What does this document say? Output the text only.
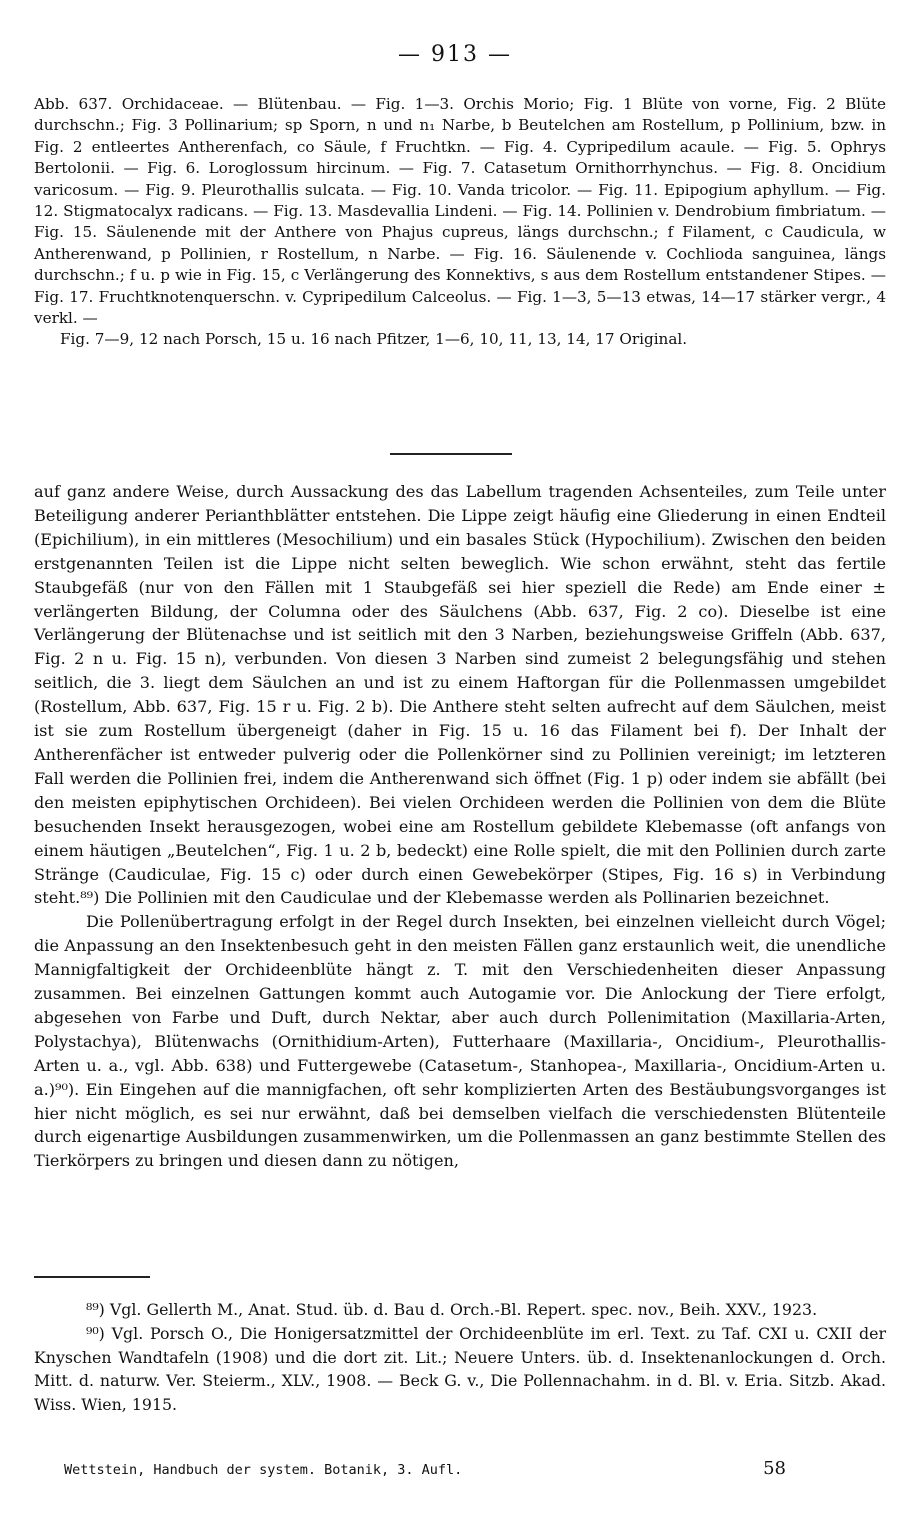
— 913 —

Abb. 637. Orchidaceae. — Blütenbau. — Fig. 1—3. Orchis Morio; Fig. 1 Blüte von vorne, Fig. 2 Blüte durchschn.; Fig. 3 Pollinarium; sp Sporn, n und n₁ Narbe, b Beutelchen am Rostellum, p Pollinium, bzw. in Fig. 2 entleertes Antherenfach, co Säule, f Fruchtkn. — Fig. 4. Cypripedilum acaule. — Fig. 5. Ophrys Bertolonii. — Fig. 6. Loroglossum hircinum. — Fig. 7. Catasetum Ornithorrhynchus. — Fig. 8. Oncidium varicosum. — Fig. 9. Pleurothallis sulcata. — Fig. 10. Vanda tricolor. — Fig. 11. Epipogium aphyllum. — Fig. 12. Stigmatocalyx radicans. — Fig. 13. Masdevallia Lindeni. — Fig. 14. Pollinien v. Dendrobium fimbriatum. — Fig. 15. Säulenende mit der Anthere von Phajus cupreus, längs durchschn.; f Filament, c Caudicula, w Antherenwand, p Pollinien, r Rostellum, n Narbe. — Fig. 16. Säulenende v. Cochlioda sanguinea, längs durchschn.; f u. p wie in Fig. 15, c Verlängerung des Konnektivs, s aus dem Rostellum entstandener Stipes. — Fig. 17. Fruchtknotenquerschn. v. Cypripedilum Calceolus. — Fig. 1—3, 5—13 etwas, 14—17 stärker vergr., 4 verkl. —

Fig. 7—9, 12 nach Porsch, 15 u. 16 nach Pfitzer, 1—6, 10, 11, 13, 14, 17 Original.

auf ganz andere Weise, durch Aussackung des das Labellum tragenden Achsenteiles, zum Teile unter Beteiligung anderer Perianthblätter entstehen. Die Lippe zeigt häufig eine Gliederung in einen Endteil (Epichilium), in ein mittleres (Mesochilium) und ein basales Stück (Hypochilium). Zwischen den beiden erstgenannten Teilen ist die Lippe nicht selten beweglich. Wie schon erwähnt, steht das fertile Staubgefäß (nur von den Fällen mit 1 Staubgefäß sei hier speziell die Rede) am Ende einer ± verlängerten Bildung, der Columna oder des Säulchens (Abb. 637, Fig. 2 co). Dieselbe ist eine Verlängerung der Blütenachse und ist seitlich mit den 3 Narben, beziehungsweise Griffeln (Abb. 637, Fig. 2 n u. Fig. 15 n), verbunden. Von diesen 3 Narben sind zumeist 2 belegungsfähig und stehen seitlich, die 3. liegt dem Säulchen an und ist zu einem Haftorgan für die Pollenmassen umgebildet (Rostellum, Abb. 637, Fig. 15 r u. Fig. 2 b). Die Anthere steht selten aufrecht auf dem Säulchen, meist ist sie zum Rostellum übergeneigt (daher in Fig. 15 u. 16 das Filament bei f). Der Inhalt der Antherenfächer ist entweder pulverig oder die Pollenkörner sind zu Pollinien vereinigt; im letzteren Fall werden die Pollinien frei, indem die Antherenwand sich öffnet (Fig. 1 p) oder indem sie abfällt (bei den meisten epiphytischen Orchideen). Bei vielen Orchideen werden die Pollinien von dem die Blüte besuchenden Insekt herausgezogen, wobei eine am Rostellum gebildete Klebemasse (oft anfangs von einem häutigen „Beutelchen“, Fig. 1 u. 2 b, bedeckt) eine Rolle spielt, die mit den Pollinien durch zarte Stränge (Caudiculae, Fig. 15 c) oder durch einen Gewebekörper (Stipes, Fig. 16 s) in Verbindung steht.⁸⁹) Die Pollinien mit den Caudiculae und der Klebemasse werden als Pollinarien bezeichnet.

Die Pollenübertragung erfolgt in der Regel durch Insekten, bei einzelnen vielleicht durch Vögel; die Anpassung an den Insektenbesuch geht in den meisten Fällen ganz erstaunlich weit, die unendliche Mannigfaltigkeit der Orchideenblüte hängt z. T. mit den Verschiedenheiten dieser Anpassung zusammen. Bei einzelnen Gattungen kommt auch Autogamie vor. Die Anlockung der Tiere erfolgt, abgesehen von Farbe und Duft, durch Nektar, aber auch durch Pollenimitation (Maxillaria-Arten, Polystachya), Blütenwachs (Ornithidium-Arten), Futterhaare (Maxillaria-, Oncidium-, Pleurothallis-Arten u. a., vgl. Abb. 638) und Futtergewebe (Catasetum-, Stanhopea-, Maxillaria-, Oncidium-Arten u. a.)⁹⁰). Ein Eingehen auf die mannigfachen, oft sehr komplizierten Arten des Bestäubungsvorganges ist hier nicht möglich, es sei nur erwähnt, daß bei demselben vielfach die verschiedensten Blütenteile durch eigenartige Ausbildungen zusammenwirken, um die Pollenmassen an ganz bestimmte Stellen des Tierkörpers zu bringen und diesen dann zu nötigen,

⁸⁹) Vgl. Gellerth M., Anat. Stud. üb. d. Bau d. Orch.-Bl. Repert. spec. nov., Beih. XXV., 1923.

⁹⁰) Vgl. Porsch O., Die Honigersatzmittel der Orchideenblüte im erl. Text. zu Taf. CXI u. CXII der Knyschen Wandtafeln (1908) und die dort zit. Lit.; Neuere Unters. üb. d. Insektenanlockungen d. Orch. Mitt. d. naturw. Ver. Steierm., XLV., 1908. — Beck G. v., Die Pollennachahm. in d. Bl. v. Eria. Sitzb. Akad. Wiss. Wien, 1915.

Wettstein, Handbuch der system. Botanik, 3. Aufl.	58
